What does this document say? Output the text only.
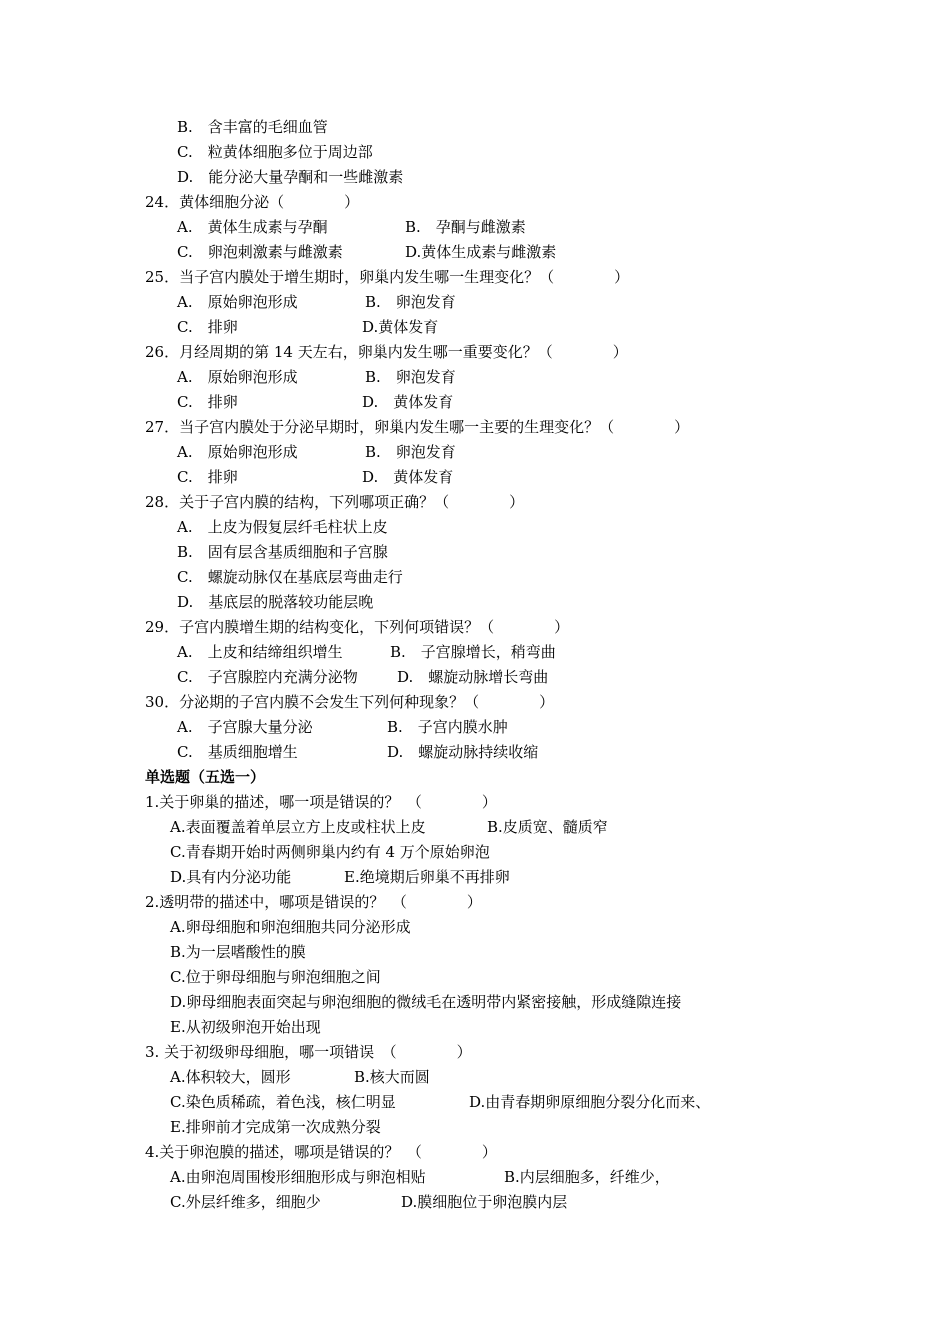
B.　含丰富的毛细血管
C.　粒黄体细胞多位于周边部
D.　能分泌大量孕酮和一些雌激素
24．黄体细胞分泌（　　　　）
A.　黄体生成素与孕酮	B.　孕酮与雌激素
C.　卵泡刺激素与雌激素	D.黄体生成素与雌激素
25．当子宫内膜处于增生期时，卵巢内发生哪一生理变化？（　　　　）
A.　原始卵泡形成	B.　卵泡发育
C.　排卵	D.黄体发育
26．月经周期的第 14 天左右，卵巢内发生哪一重要变化？（　　　　）
A.　原始卵泡形成	B.　卵泡发育
C.　排卵	D.　黄体发育
27．当子宫内膜处于分泌早期时，卵巢内发生哪一主要的生理变化？（　　　　）
A.　原始卵泡形成	B.　卵泡发育
C.　排卵	D.　黄体发育
28．关于子宫内膜的结构，下列哪项正确？（　　　　）
A.　上皮为假复层纤毛柱状上皮
B.　固有层含基质细胞和子宫腺
C.　螺旋动脉仅在基底层弯曲走行
D.　基底层的脱落较功能层晚
29．子宫内膜增生期的结构变化，下列何项错误？（　　　　）
A.　上皮和结缔组织增生	B.　子宫腺增长，稍弯曲
C.　子宫腺腔内充满分泌物	D.　螺旋动脉增长弯曲
30．分泌期的子宫内膜不会发生下列何种现象？（　　　　）
A.　子宫腺大量分泌	B.　子宫内膜水肿
C.　基质细胞增生	D.　螺旋动脉持续收缩
单选题（五选一）
1.关于卵巢的描述，哪一项是错误的？　（　　　　）
A.表面覆盖着单层立方上皮或柱状上皮	B.皮质宽、髓质窄
C.青春期开始时两侧卵巢内约有 4 万个原始卵泡
D.具有内分泌功能	E.绝境期后卵巢不再排卵
2.透明带的描述中，哪项是错误的？　（　　　　）
A.卵母细胞和卵泡细胞共同分泌形成
B.为一层嗜酸性的膜
C.位于卵母细胞与卵泡细胞之间
D.卵母细胞表面突起与卵泡细胞的微绒毛在透明带内紧密接触，形成缝隙连接
E.从初级卵泡开始出现
3. 关于初级卵母细胞，哪一项错误　（　　　　）
A.体积较大，圆形	B.核大而圆
C.染色质稀疏，着色浅，核仁明显	D.由青春期卵原细胞分裂分化而来、
E.排卵前才完成第一次成熟分裂
4.关于卵泡膜的描述，哪项是错误的？　（　　　　）
A.由卵泡周围梭形细胞形成与卵泡相贴	B.内层细胞多，纤维少，
C.外层纤维多，细胞少	D.膜细胞位于卵泡膜内层
